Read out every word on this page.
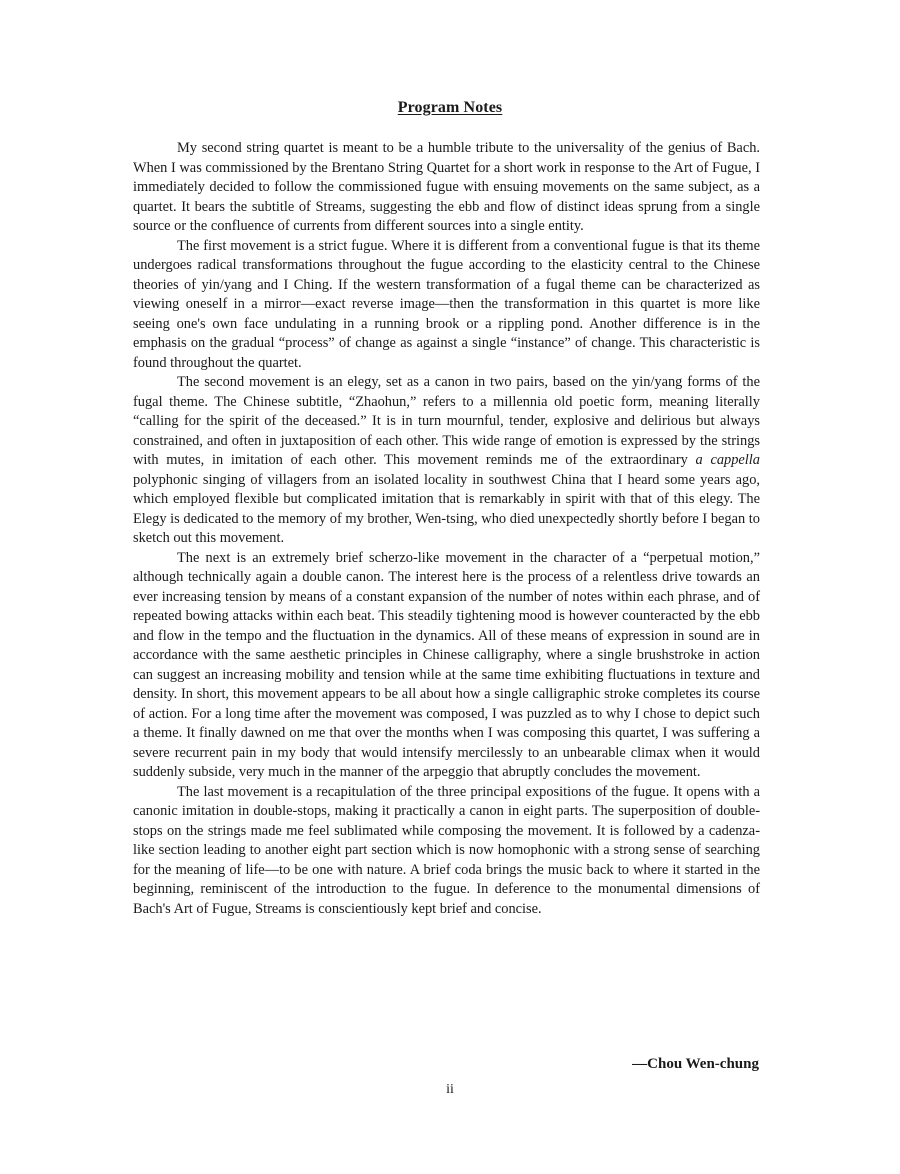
Program Notes

My second string quartet is meant to be a humble tribute to the universality of the genius of Bach. When I was commissioned by the Brentano String Quartet for a short work in response to the Art of Fugue, I immediately decided to follow the commissioned fugue with ensuing movements on the same subject, as a quartet. It bears the subtitle of Streams, suggesting the ebb and flow of distinct ideas sprung from a single source or the confluence of currents from different sources into a single entity.

The first movement is a strict fugue. Where it is different from a conventional fugue is that its theme undergoes radical transformations throughout the fugue according to the elasticity central to the Chinese theories of yin/yang and I Ching. If the western transformation of a fugal theme can be characterized as viewing oneself in a mirror—exact reverse image—then the transformation in this quartet is more like seeing one's own face undulating in a running brook or a rippling pond. Another difference is in the emphasis on the gradual “process” of change as against a single “instance” of change. This characteristic is found throughout the quartet.

The second movement is an elegy, set as a canon in two pairs, based on the yin/yang forms of the fugal theme. The Chinese subtitle, “Zhaohun,” refers to a millennia old poetic form, meaning literally “calling for the spirit of the deceased.” It is in turn mournful, tender, explosive and delirious but always constrained, and often in juxtaposition of each other. This wide range of emotion is expressed by the strings with mutes, in imitation of each other. This movement reminds me of the extraordinary a cappella polyphonic singing of villagers from an isolated locality in southwest China that I heard some years ago, which employed flexible but complicated imitation that is remarkably in spirit with that of this elegy. The Elegy is dedicated to the memory of my brother, Wen-tsing, who died unexpectedly shortly before I began to sketch out this movement.

The next is an extremely brief scherzo-like movement in the character of a “perpetual motion,” although technically again a double canon. The interest here is the process of a relentless drive towards an ever increasing tension by means of a constant expansion of the number of notes within each phrase, and of repeated bowing attacks within each beat. This steadily tightening mood is however counteracted by the ebb and flow in the tempo and the fluctuation in the dynamics. All of these means of expression in sound are in accordance with the same aesthetic principles in Chinese calligraphy, where a single brushstroke in action can suggest an increasing mobility and tension while at the same time exhibiting fluctuations in texture and density. In short, this movement appears to be all about how a single calligraphic stroke completes its course of action. For a long time after the movement was composed, I was puzzled as to why I chose to depict such a theme. It finally dawned on me that over the months when I was composing this quartet, I was suffering a severe recurrent pain in my body that would intensify mercilessly to an unbearable climax when it would suddenly subside, very much in the manner of the arpeggio that abruptly concludes the movement.

The last movement is a recapitulation of the three principal expositions of the fugue. It opens with a canonic imitation in double-stops, making it practically a canon in eight parts. The superposition of double-stops on the strings made me feel sublimated while composing the movement. It is followed by a cadenza-like section leading to another eight part section which is now homophonic with a strong sense of searching for the meaning of life—to be one with nature. A brief coda brings the music back to where it started in the beginning, reminiscent of the introduction to the fugue. In deference to the monumental dimensions of Bach's Art of Fugue, Streams is conscientiously kept brief and concise.

—Chou Wen-chung
ii
